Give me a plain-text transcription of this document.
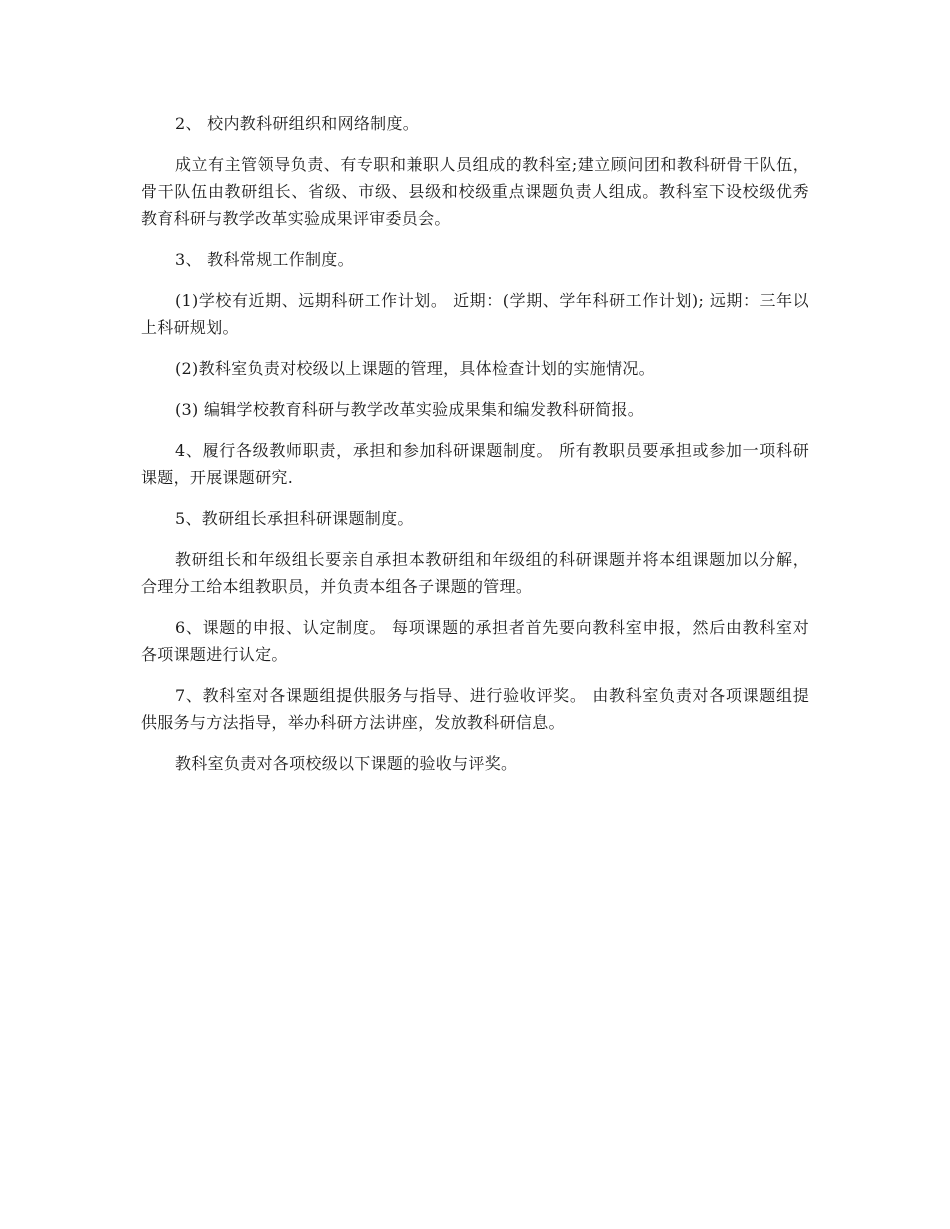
2、 校内教科研组织和网络制度。

成立有主管领导负责、有专职和兼职人员组成的教科室;建立顾问团和教科研骨干队伍，骨干队伍由教研组长、省级、市级、县级和校级重点课题负责人组成。教科室下设校级优秀教育科研与教学改革实验成果评审委员会。

3、 教科常规工作制度。

(1)学校有近期、远期科研工作计划。 近期：(学期、学年科研工作计划); 远期：三年以上科研规划。

(2)教科室负责对校级以上课题的管理，具体检查计划的实施情况。

(3) 编辑学校教育科研与教学改革实验成果集和编发教科研简报。

4、履行各级教师职责，承担和参加科研课题制度。 所有教职员要承担或参加一项科研课题，开展课题研究.

5、教研组长承担科研课题制度。

教研组长和年级组长要亲自承担本教研组和年级组的科研课题并将本组课题加以分解，合理分工给本组教职员，并负责本组各子课题的管理。

6、课题的申报、认定制度。 每项课题的承担者首先要向教科室申报，然后由教科室对各项课题进行认定。

7、教科室对各课题组提供服务与指导、进行验收评奖。 由教科室负责对各项课题组提供服务与方法指导，举办科研方法讲座，发放教科研信息。

教科室负责对各项校级以下课题的验收与评奖。
